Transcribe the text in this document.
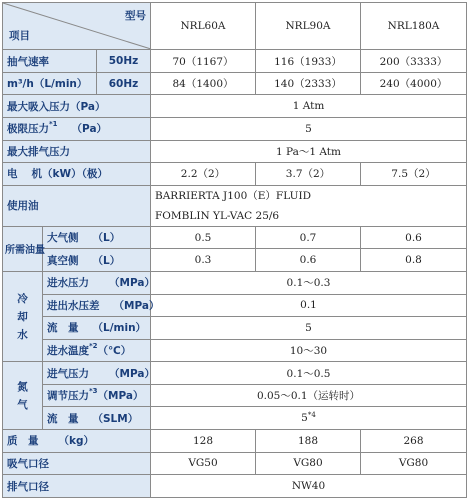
型号
项目			NRL60A	NRL90A	NRL180A
抽气速率		50Hz	70（1167）	116（1933）	200（3333）
m³/h（L/min）		60Hz	84（1400）	140（2333）	240（4000）
最大吸入压力（Pa）			1 Atm		
极限压力$^{*1}$ （Pa）			5		
最大排气压力			1 Pa～1 Atm		
电 机（kW）（极）			2.2（2）	3.7（2）	7.5（2）
使用油			BARRIERTA J100（E）FLUID		
			FOMBLIN YL-VAC 25/6		
所需油量	大气侧 （L）		0.5	0.7	0.6
	真空侧 （L）		0.3	0.6	0.8

冷
却
水	进水压力 （MPa）		0.1～0.3		
	进出水压差 （MPa）		0.1		
	流　量 （L/min）		5		
	进水温度$^{*2}$（℃）		10～30		

氮
气	进气压力 （MPa）		0.1～0.5		
	调节压力$^{*3}$（MPa）		0.05～0.1（运转时）		
	流　量 （SLM）		5$^{*4}$
质　量 （kg）			128	188	268
吸气口径			VG50	VG80	VG80
排气口径			NW40		
